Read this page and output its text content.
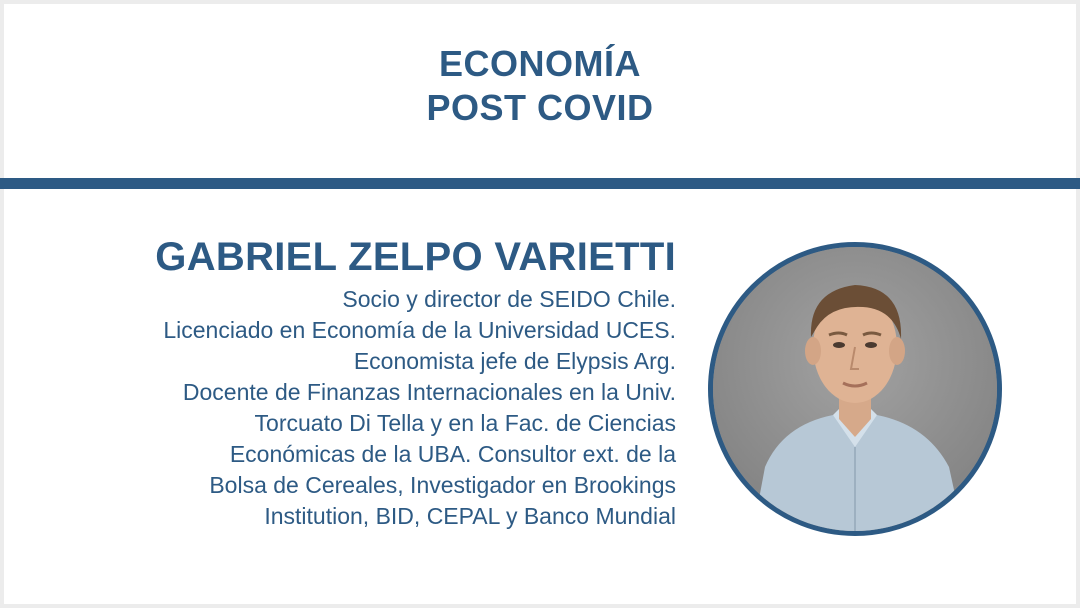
ECONOMÍA
POST COVID
GABRIEL ZELPO VARIETTI
Socio y director de SEIDO Chile.
Licenciado en Economía de la Universidad UCES.
Economista jefe de Elypsis Arg.
Docente de Finanzas Internacionales en la Univ.
Torcuato Di Tella y en la Fac. de Ciencias
Económicas de la UBA. Consultor ext. de la
Bolsa de Cereales, Investigador en Brookings
Institution, BID, CEPAL y Banco Mundial
